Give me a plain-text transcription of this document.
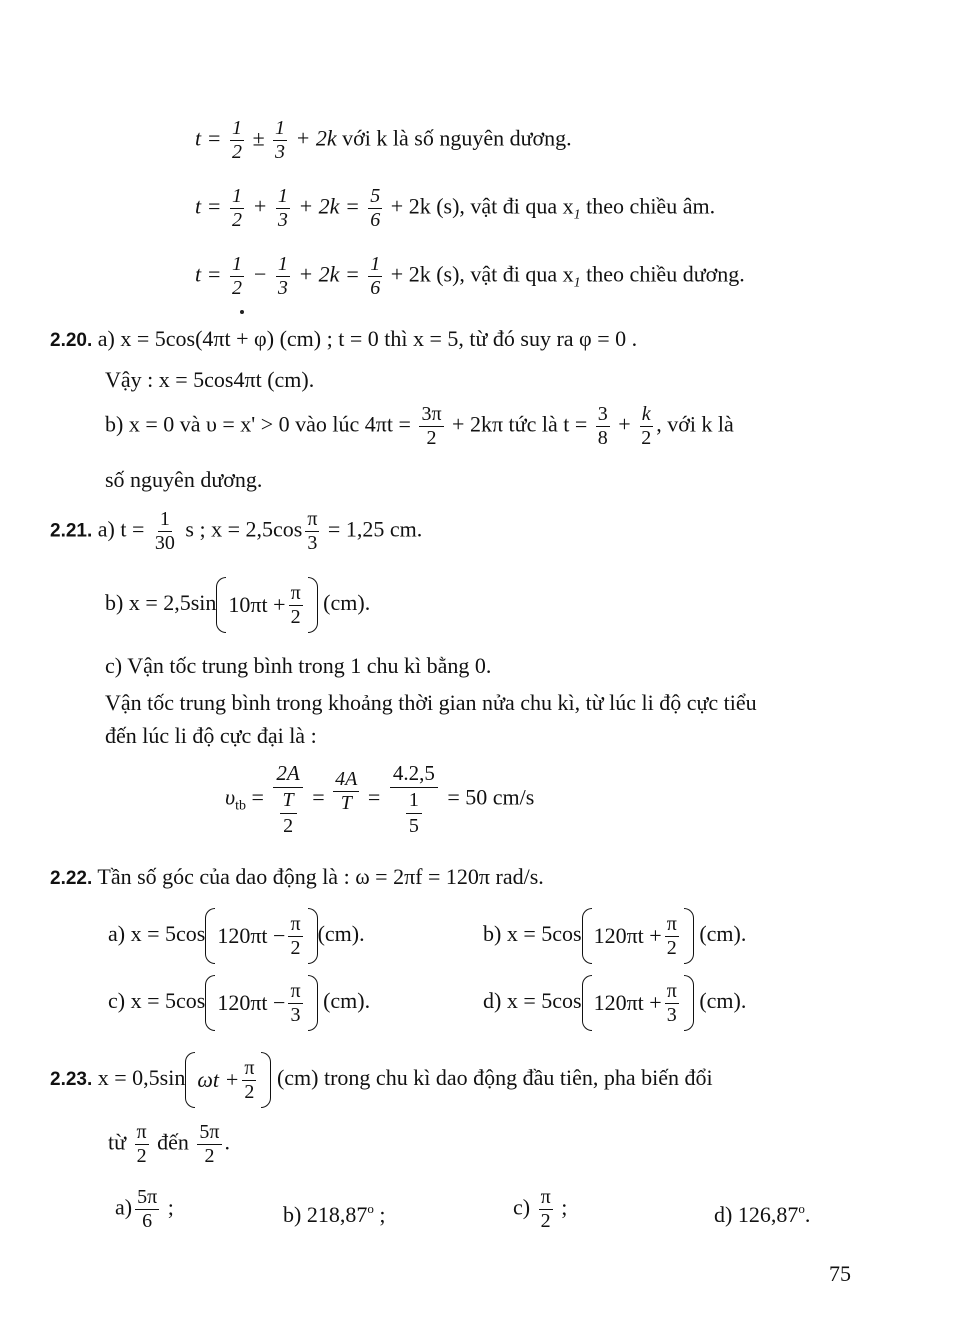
$t = \frac{1}{2} \pm \frac{1}{3} + 2k$ với k là số nguyên dương.
$t = \frac{1}{2} + \frac{1}{3} + 2k = \frac{5}{6} + 2k$ (s), vật đi qua $x_1$ theo chiều âm.
$t = \frac{1}{2} - \frac{1}{3} + 2k = \frac{1}{6} + 2k$ (s), vật đi qua $x_1$ theo chiều dương.
2.20. a) x = 5cos(4πt + φ) (cm) ; t = 0 thì x = 5, từ đó suy ra φ = 0 .
Vậy : x = 5cos4πt (cm).
b) x = 0 và υ = x' > 0 vào lúc $4\pi t = \frac{3\pi}{2} + 2k\pi$ tức là $t = \frac{3}{8} + \frac{k}{2}$ , với k là
số nguyên dương.
2.21. a) $t = \frac{1}{30}$ s ; $x = 2,5\cos \frac{\pi}{3} = 1,25$ cm.
b) x = 2,5sin $10\pi t + \frac{\pi}{2} (cm)$.
c) Vận tốc trung bình trong 1 chu kì bằng 0.
Vận tốc trung bình trong khoảng thời gian nửa chu kì, từ lúc li độ cực tiểu
đến lúc li độ cực đại là :
$\upsilon_{tb} = \frac{2A}{\frac{T}{2}} = \frac{4A}{T} = \frac{4.2,5}{\frac{1}{5}} = 50$ cm/s
2.22. Tần số góc của dao động là : ω = 2πf = 120π rad/s.
a) x = 5cos $120\pi t - \frac{\pi}{2} (cm)$.	b) x = 5cos $120\pi t + \frac{\pi}{2} (cm)$.
c) x = 5cos $120\pi t - \frac{\pi}{3} (cm)$.	d) x = 5cos $120\pi t + \frac{\pi}{3} (cm)$.
2.23. x = 0,5sin $\omega t + \frac{\pi}{2} (cm)$ trong chu kì dao động đầu tiên, pha biến đổi
từ $\frac{\pi}{2}$ đến $\frac{5\pi}{2}$ .
$a) \frac{5\pi}{6}$ ;	b) 218,87$^o$ ;	$c) \frac{\pi}{2}$ ;	d) 126,87$^o$.
75
